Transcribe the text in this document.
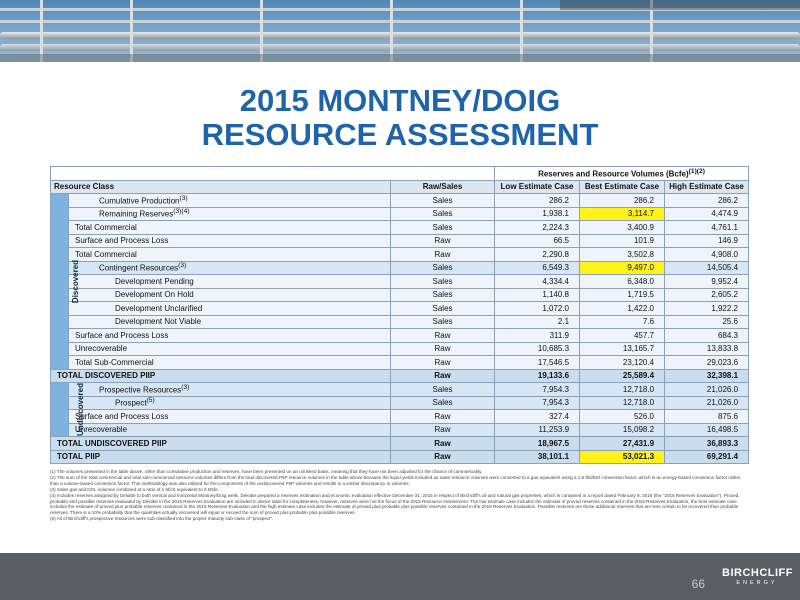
2015 MONTNEY/DOIG
RESOURCE ASSESSMENT
			Reserves and Resource Volumes (Bcfe)$^{(1)(2)}$
Resource Class		Raw/Sales	Low Estimate Case	Best Estimate Case	High Estimate Case
Discovered	Cumulative Production$^{(3)}$	Sales	286.2	286.2	286.2
	Remaining Reserves$^{(3)(4)}$	Sales	1,938.1	3,114.7	4,474.9
	Total Commercial	Sales	2,224.3	3,400.9	4,761.1
	Surface and Process Loss	Raw	66.5	101.9	146.9
	Total Commercial	Raw	2,290.8	3,502.8	4,908.0
	Contingent Resources$^{(3)}$	Sales	6,549.3	9,497.0	14,505.4
	Development Pending	Sales	4,334.4	6,348.0	9,952.4
	Development On Hold	Sales	1,140.8	1,719.5	2,605.2
	Development Unclarified	Sales	1,072.0	1,422.0	1,922.2
	Development Not Viable	Sales	2.1	7.6	25.6
	Surface and Process Loss	Raw	311.9	457.7	684.3
	Unrecoverable	Raw	10,685.3	13,165.7	13,833.8
	Total Sub-Commercial	Raw	17,546.5	23,120.4	29,023.6
TOTAL DISCOVERED PIIP		Raw	19,133.6	25,589.4	32,398.1
Undiscovered	Prospective Resources$^{(3)}$	Sales	7,954.3	12,718.0	21,026.0
	Prospect$^{(5)}$	Sales	7,954.3	12,718.0	21,026.0
	Surface and Process Loss	Raw	327.4	526.0	875.6
	Unrecoverable	Raw	11,253.9	15,098.2	16,498.5
TOTAL UNDISCOVERED PIIP		Raw	18,967.5	27,431.9	36,893.3
TOTAL PIIP		Raw	38,101.1	53,021.3	69,291.4
(1) The volumes presented in the table above, other than cumulative production and reserves, have been presented on an unrisked basis, meaning that they have not been adjusted for the chance of commerciality.
(2) The sum of the total commercial and total sub-commercial resource volumes differs from the total discovered PIIP resource volumes in the table above because the liquid yields included as sales resource volumes were converted to a gas equivalent using a 1:6 bbl/Mcf conversion factor, which is an energy-based conversion factor rather than a volume-based conversion factor. This methodology was also utilized for the components of the undiscovered PIIP volumes and results in a similar discrepancy in volumes.
(3) Sales gas and NGL volumes combined at a ratio of 1 bbl:6 equivalent to 6 Mcfe.
(4) Includes reserves assigned by Deloitte to both vertical and horizontal Montney/Doig wells. Deloitte prepared a reserves estimation and economic evaluation effective December 31, 2015 in respect of Birchcliff's oil and natural gas properties, which is contained in a report dated February 9, 2016 (the "2015 Reserves Evaluation"). Proved, probable and possible reserves evaluated by Deloitte in the 2015 Reserves Evaluation are included in above table for completeness; however, reserves were not the focus of the 2015 Resource Assessment. The low estimate case includes the estimate of proved reserves contained in the 2015 Reserves Evaluation, the best estimate case includes the estimate of proved plus probable reserves contained in the 2015 Reserves Evaluation and the high estimate case includes the estimate of proved plus probable plus possible reserves contained in the 2015 Reserves Evaluation. Possible reserves are those additional reserves that are less certain to be recovered than probable reserves. There is a 10% probability that the quantities actually recovered will equal or exceed the sum of proved plus probable plus possible reserves.
(5) All of Birchcliff's prospective resources were sub-classified into the project maturity sub-class of "prospect".
66
BIRCHCLIFF
ENERGY
